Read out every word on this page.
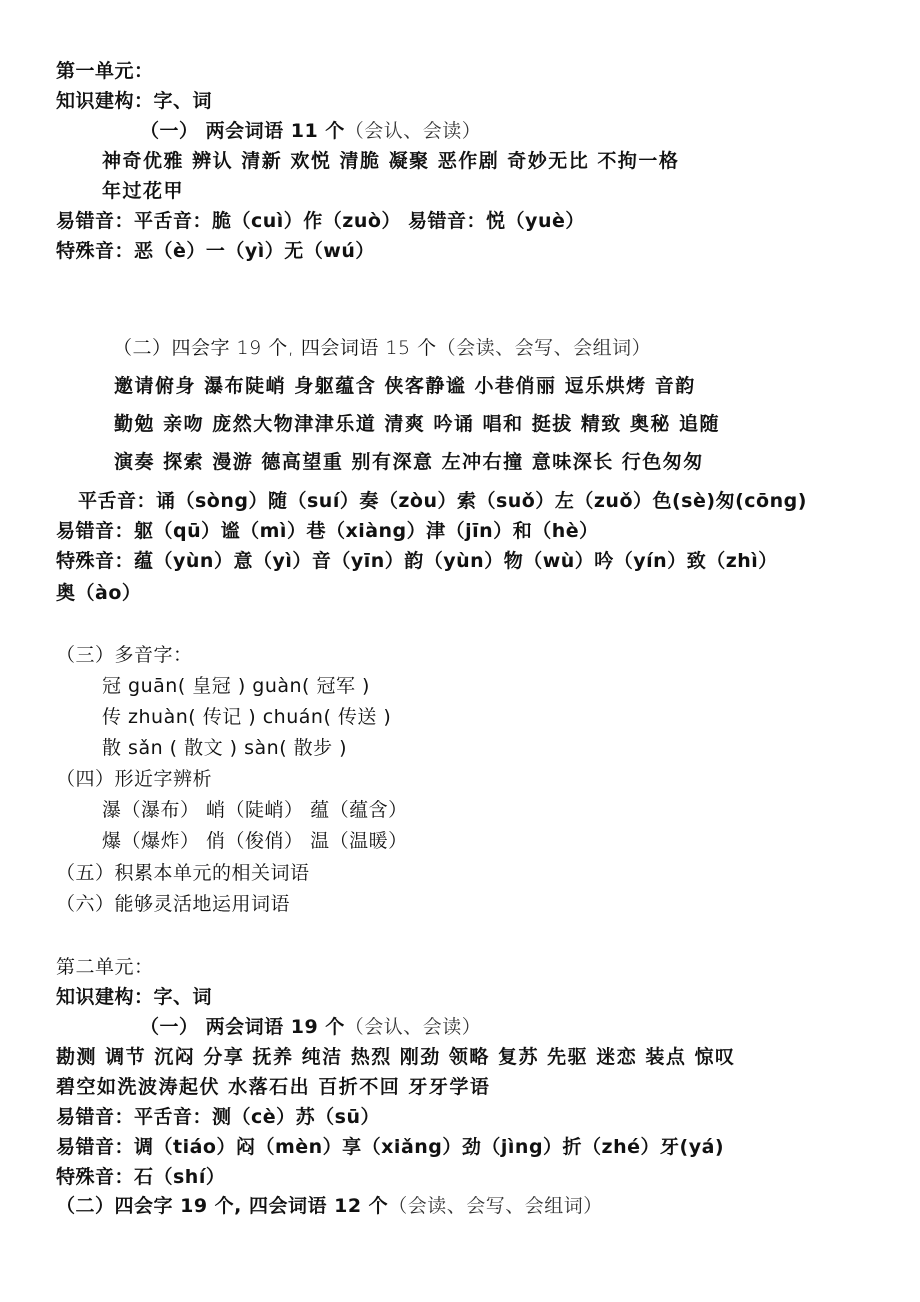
第一单元：
知识建构：字、词
（一） 两会词语 11 个（会认、会读）
神奇优雅 辨认 清新 欢悦 清脆 凝聚 恶作剧 奇妙无比 不拘一格
年过花甲
易错音：平舌音：脆（cuì）作（zuò） 易错音：悦（yuè）
特殊音：恶（è）一（yì）无（wú）
（二）四会字 19 个, 四会词语 15 个（会读、会写、会组词）
邀请俯身 瀑布陡峭 身躯蕴含 侠客静谧 小巷俏丽 逗乐烘烤 音韵
勤勉 亲吻 庞然大物津津乐道 清爽 吟诵 唱和 挺拔 精致 奥秘 追随
演奏 探索 漫游 德高望重 别有深意 左冲右撞 意味深长 行色匆匆
平舌音：诵（sòng）随（suí）奏（zòu）索（suǒ）左（zuǒ）色(sè)匆(cōng)
易错音：躯（qū）谧（mì）巷（xiàng）津（jīn）和（hè）
特殊音：蕴（yùn）意（yì）音（yīn）韵（yùn）物（wù）吟（yín）致（zhì）
奥（ào）
（三）多音字：
冠 guān( 皇冠 ) guàn( 冠军 )
传 zhuàn( 传记 ) chuán( 传送 )
散 sǎn ( 散文 ) sàn( 散步 )
（四）形近字辨析
瀑（瀑布） 峭（陡峭） 蕴（蕴含）
爆（爆炸） 俏（俊俏） 温（温暖）
（五）积累本单元的相关词语
（六）能够灵活地运用词语
第二单元：
知识建构：字、词
（一） 两会词语 19 个（会认、会读）
勘测 调节 沉闷 分享 抚养 纯洁 热烈 刚劲 领略 复苏 先驱 迷恋 装点 惊叹
碧空如洗波涛起伏 水落石出 百折不回 牙牙学语
易错音：平舌音：测（cè）苏（sū）
易错音：调（tiáo）闷（mèn）享（xiǎng）劲（jìng）折（zhé）牙(yá)
特殊音：石（shí）
（二）四会字 19 个, 四会词语 12 个（会读、会写、会组词）
